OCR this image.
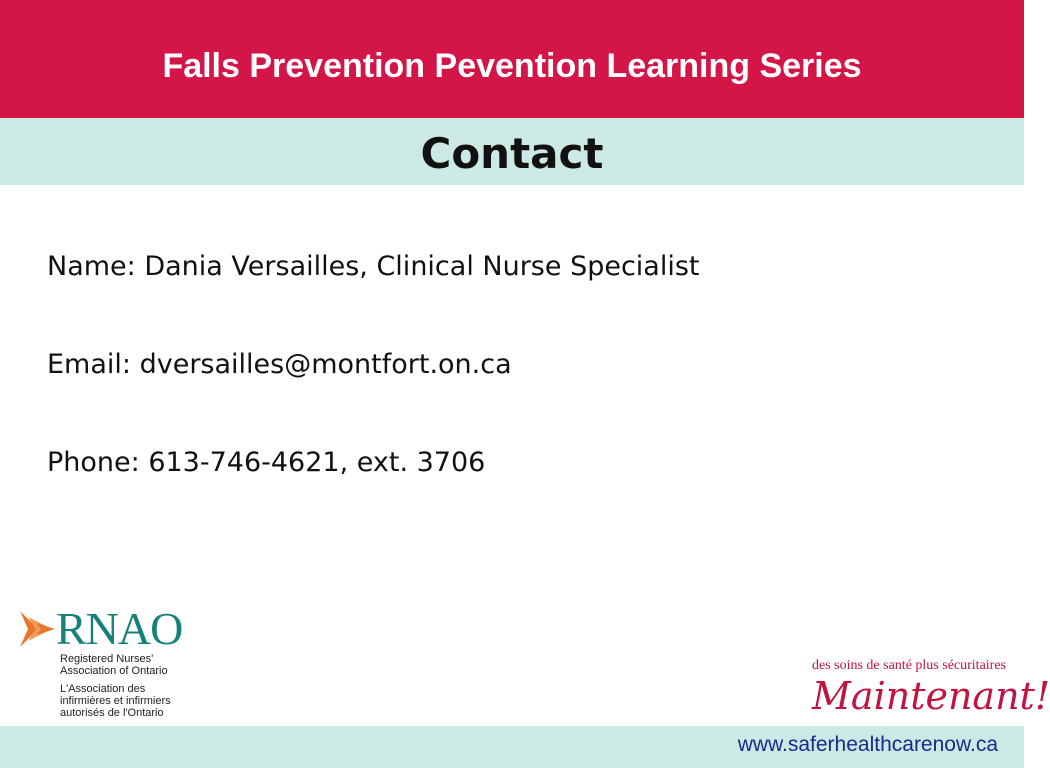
Falls Prevention Pevention Learning Series
Contact
Name: Dania Versailles, Clinical Nurse Specialist
Email: dversailles@montfort.on.ca
Phone: 613-746-4621, ext. 3706
RNAO
Registered Nurses'
Association of Ontario
L'Association des
infirmières et infirmiers
autorisés de l'Ontario
des soins de santé plus sécuritaires
Maintenant!
www.saferhealthcarenow.ca
